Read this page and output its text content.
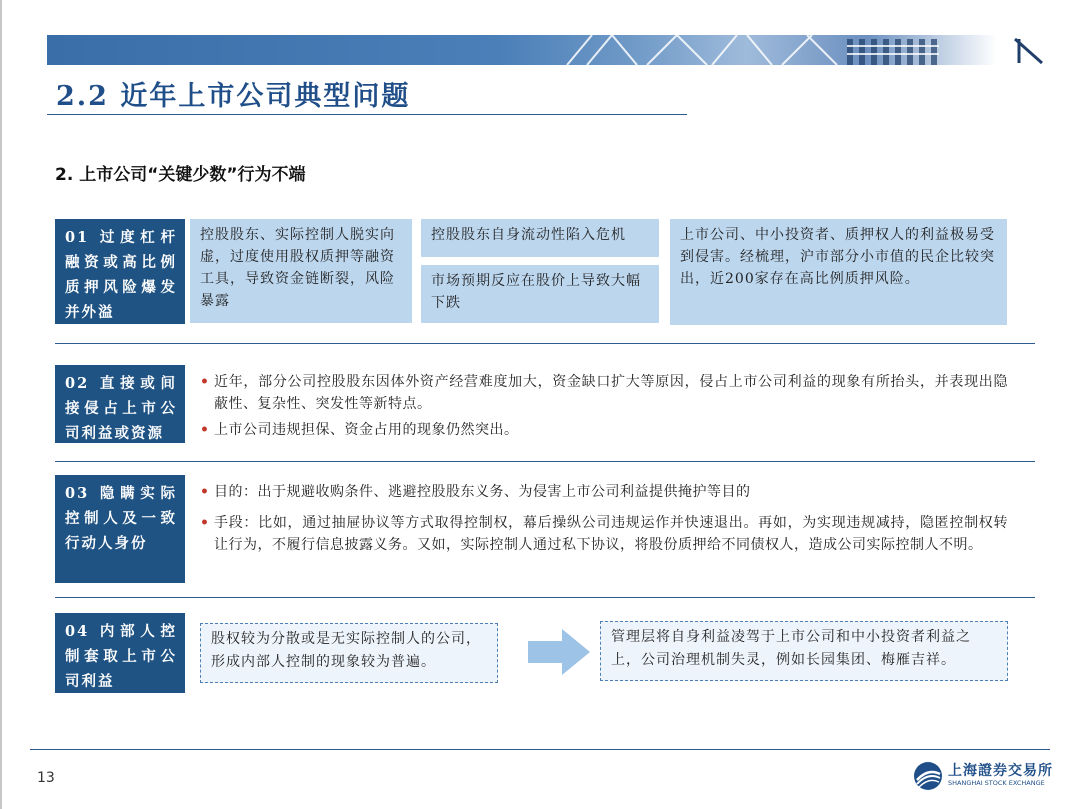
2.2 近年上市公司典型问题
2. 上市公司“关键少数”行为不端
01 过度杠杆融资或高比例质押风险爆发并外溢
控股股东、实际控制人脱实向虚，过度使用股权质押等融资工具，导致资金链断裂，风险暴露
控股股东自身流动性陷入危机
市场预期反应在股价上导致大幅下跌
上市公司、中小投资者、质押权人的利益极易受到侵害。经梳理，沪市部分小市值的民企比较突出，近200家存在高比例质押风险。
02 直接或间接侵占上市公司利益或资源
• 近年，部分公司控股股东因体外资产经营难度加大，资金缺口扩大等原因，侵占上市公司利益的现象有所抬头，并表现出隐蔽性、复杂性、突发性等新特点。
• 上市公司违规担保、资金占用的现象仍然突出。
03 隐瞒实际控制人及一致行动人身份
• 目的：出于规避收购条件、逃避控股股东义务、为侵害上市公司利益提供掩护等目的
• 手段：比如，通过抽屉协议等方式取得控制权，幕后操纵公司违规运作并快速退出。再如，为实现违规减持，隐匿控制权转让行为，不履行信息披露义务。又如，实际控制人通过私下协议，将股份质押给不同债权人，造成公司实际控制人不明。
04 内部人控制套取上市公司利益
股权较为分散或是无实际控制人的公司，形成内部人控制的现象较为普遍。
管理层将自身利益凌驾于上市公司和中小投资者利益之上，公司治理机制失灵，例如长园集团、梅雁吉祥。
13	上海證券交易所
SHANGHAI STOCK EXCHANGE
